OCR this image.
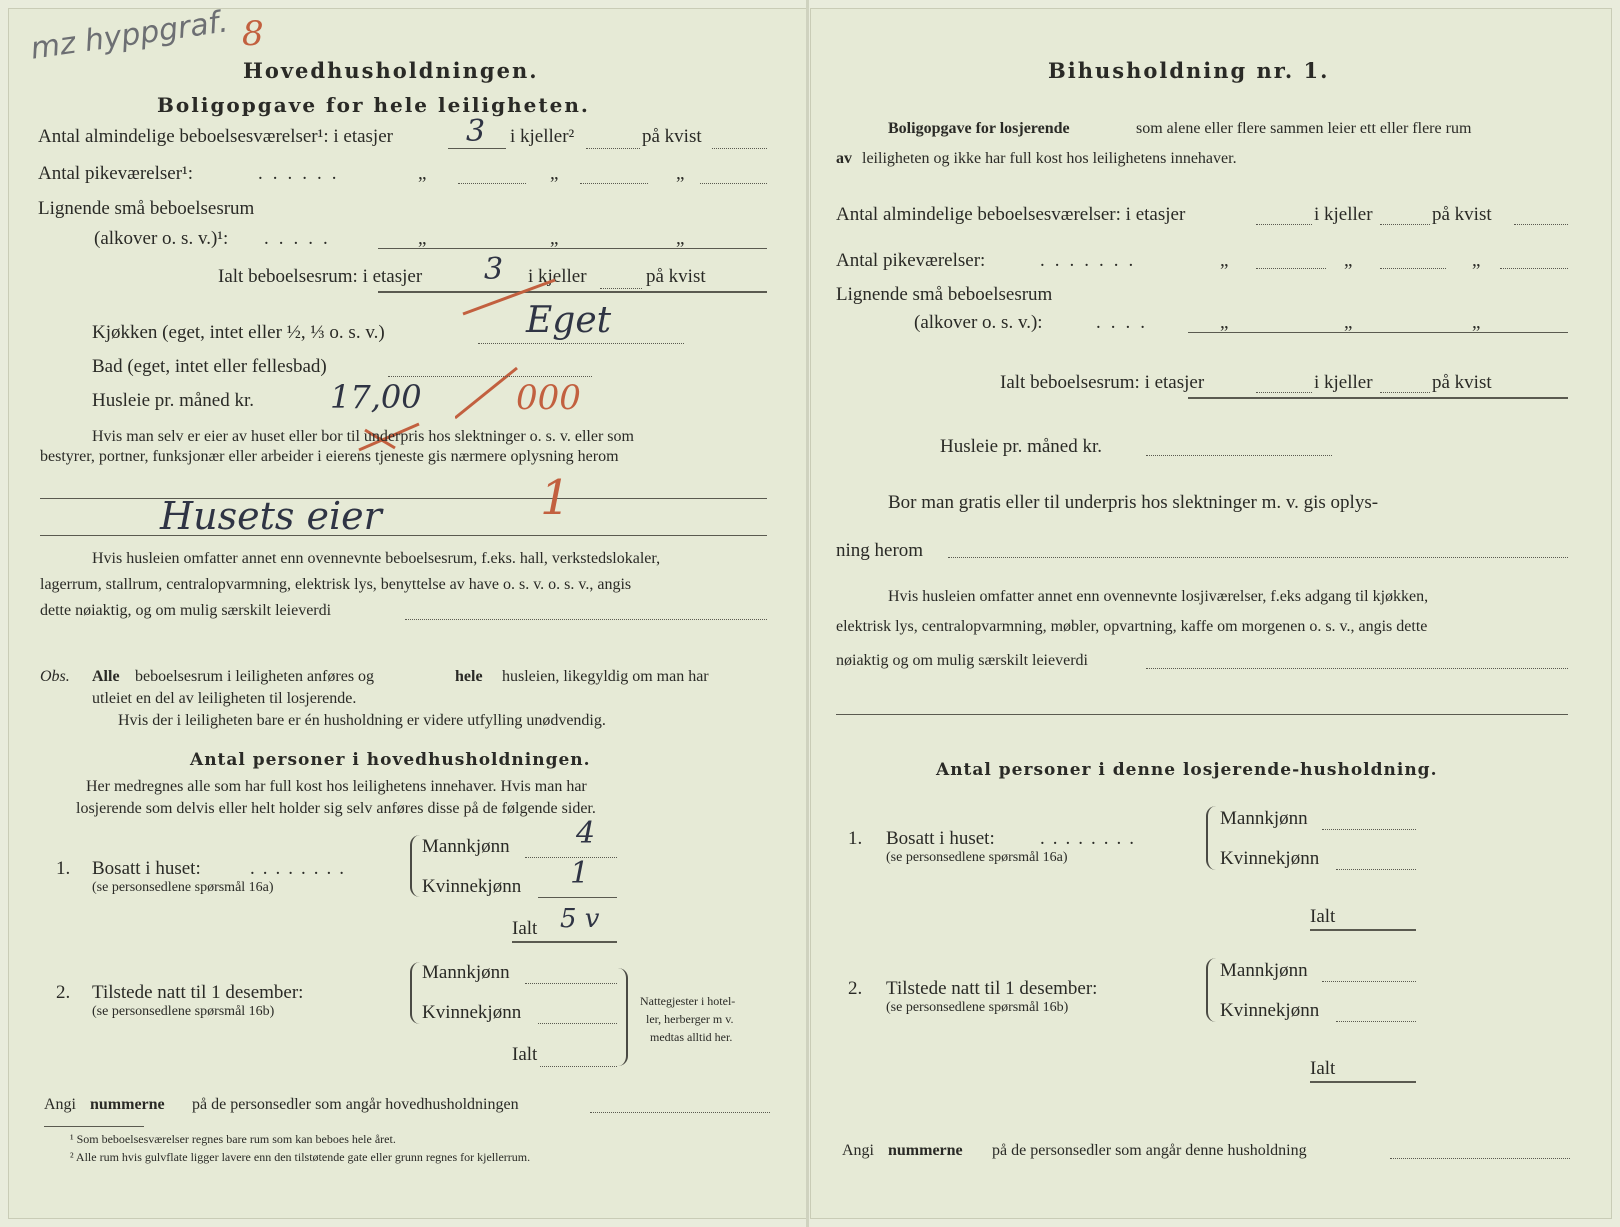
mz hyppgraf. 8
Hovedhusholdningen.
Boligopgave for hele leiligheten.
Antal almindelige beboelsesværelser¹: i etasjer 3 i kjeller²	på kvist
Antal pikeværelser¹:	......	„	„	„
Lignende små beboelsesrum
(alkover o. s. v.)¹: .....	„	„	„
Ialt beboelsesrum: i etasjer 3 i kjeller	på kvist
Kjøkken (eget, intet eller ½, ⅓ o. s. v.)	Eget
Bad (eget, intet eller fellesbad)
Husleie pr. måned kr. 17,00	000
Hvis man selv er eier av huset eller bor til underpris hos slektninger o. s. v. eller som
bestyrer, portner, funksjonær eller arbeider i eierens tjeneste gis nærmere oplysning herom
Husets eier	1
Hvis husleien omfatter annet enn ovennevnte beboelsesrum, f.eks. hall, verkstedslokaler,
lagerrum, stallrum, centralopvarmning, elektrisk lys, benyttelse av have o. s. v. o. s. v., angis
dette nøiaktig, og om mulig særskilt leieverdi
Obs. Alle beboelsesrum i leiligheten anføres og	hele husleien, likegyldig om man har
utleiet en del av leiligheten til losjerende.
Hvis der i leiligheten bare er én husholdning er videre utfylling unødvendig.
Antal personer i hovedhusholdningen.
Her medregnes alle som har full kost hos leilighetens innehaver. Hvis man har
losjerende som delvis eller helt holder sig selv anføres disse på de følgende sider.
1. Bosatt i huset:	........
(se personsedlene spørsmål 16a)
Mannkjønn 4
Kvinnekjønn 1
Ialt 5 v
2. Tilstede natt til 1 desember:
(se personsedlene spørsmål 16b)
Mannkjønn
Kvinnekjønn
Ialt
Nattegjester i hotel-
ler, herberger m v.
medtas alltid her.
Angi nummerne på de personsedler som angår hovedhusholdningen
¹ Som beboelsesværelser regnes bare rum som kan beboes hele året.
² Alle rum hvis gulvflate ligger lavere enn den tilstøtende gate eller grunn regnes for kjellerrum.
Bihusholdning nr. 1.
Boligopgave for losjerende	som alene eller flere sammen leier ett eller flere rum
av leiligheten og ikke har full kost hos leilighetens innehaver.
Antal almindelige beboelsesværelser: i etasjer	i kjeller	på kvist
Antal pikeværelser:	.......	„	„	„
Lignende små beboelsesrum
(alkover o. s. v.):	....	„	„	„
Ialt beboelsesrum: i etasjer	i kjeller	på kvist
Husleie pr. måned kr.
Bor man gratis eller til underpris hos slektninger m. v. gis oplys-
ning herom
Hvis husleien omfatter annet enn ovennevnte losjiværelser, f.eks adgang til kjøkken,
elektrisk lys, centralopvarmning, møbler, opvartning, kaffe om morgenen o. s. v., angis dette
nøiaktig og om mulig særskilt leieverdi
Antal personer i denne losjerende-husholdning.
1. Bosatt i huset: ........
(se personsedlene spørsmål 16a)
Mannkjønn
Kvinnekjønn
Ialt
2. Tilstede natt til 1 desember:
(se personsedlene spørsmål 16b)
Mannkjønn
Kvinnekjønn
Ialt
Angi nummerne på de personsedler som angår denne husholdning
